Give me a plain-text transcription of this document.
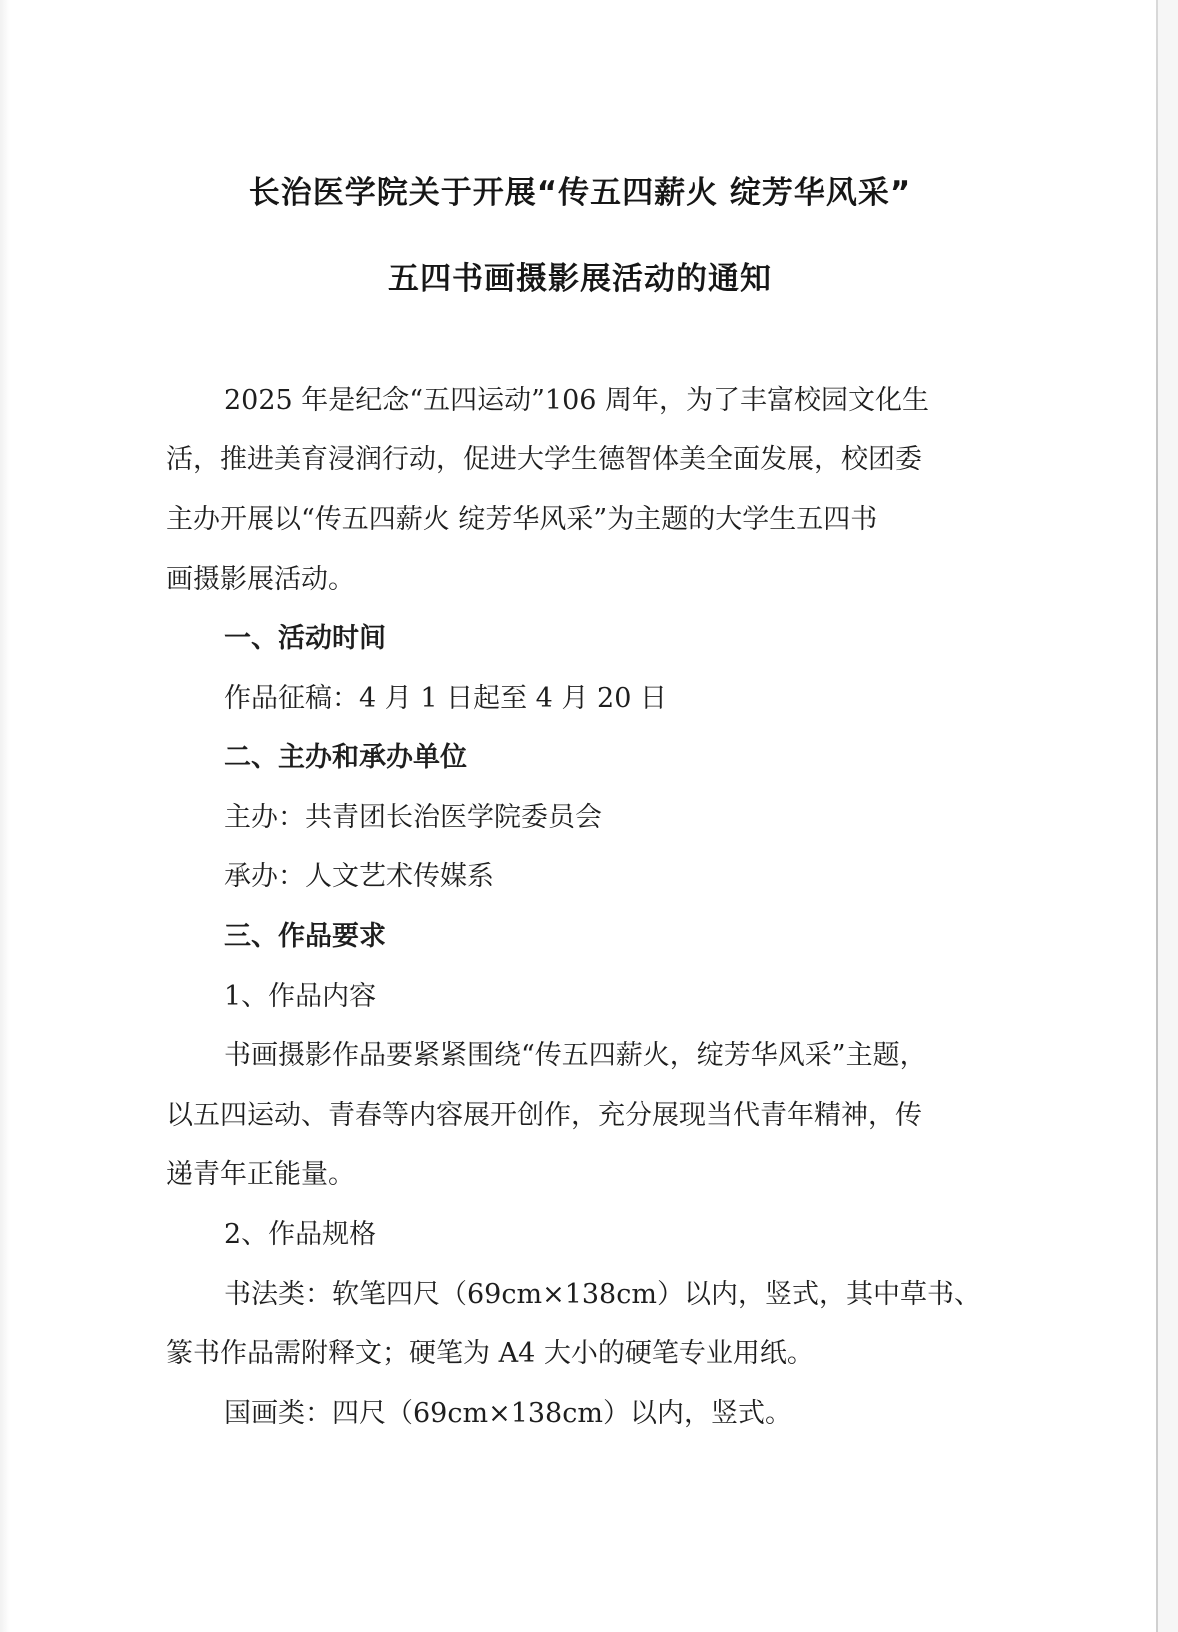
长治医学院关于开展“传五四薪火 绽芳华风采”
五四书画摄影展活动的通知
2025 年是纪念“五四运动”106 周年，为了丰富校园文化生
活，推进美育浸润行动，促进大学生德智体美全面发展，校团委
主办开展以“传五四薪火 绽芳华风采”为主题的大学生五四书
画摄影展活动。
一、活动时间
作品征稿：4 月 1 日起至 4 月 20 日
二、主办和承办单位
主办：共青团长治医学院委员会
承办：人文艺术传媒系
三、作品要求
1、作品内容
书画摄影作品要紧紧围绕“传五四薪火，绽芳华风采”主题，
以五四运动、青春等内容展开创作，充分展现当代青年精神，传
递青年正能量。
2、作品规格
书法类：软笔四尺（69cm×138cm）以内，竖式，其中草书、
篆书作品需附释文；硬笔为 A4 大小的硬笔专业用纸。
国画类：四尺（69cm×138cm）以内，竖式。
